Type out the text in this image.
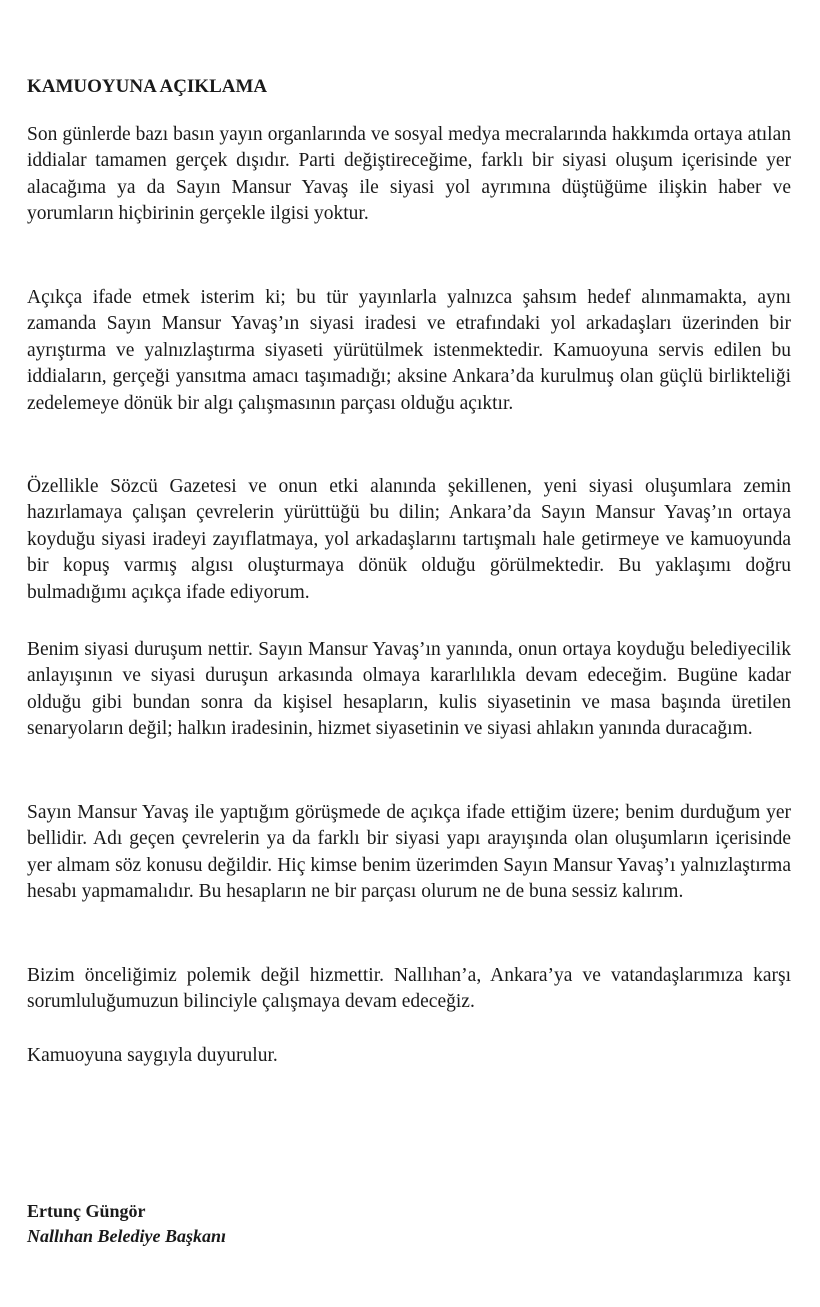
KAMUOYUNA AÇIKLAMA

Son günlerde bazı basın yayın organlarında ve sosyal medya mecralarında hakkımda ortaya atılan iddialar tamamen gerçek dışıdır. Parti değiştireceğime, farklı bir siyasi oluşum içerisinde yer alacağıma ya da Sayın Mansur Yavaş ile siyasi yol ayrımına düştüğüme ilişkin haber ve yorumların hiçbirinin gerçekle ilgisi yoktur.

Açıkça ifade etmek isterim ki; bu tür yayınlarla yalnızca şahsım hedef alınmamakta, aynı zamanda Sayın Mansur Yavaş’ın siyasi iradesi ve etrafındaki yol arkadaşları üzerinden bir ayrıştırma ve yalnızlaştırma siyaseti yürütülmek istenmektedir. Kamuoyuna servis edilen bu iddiaların, gerçeği yansıtma amacı taşımadığı; aksine Ankara’da kurulmuş olan güçlü birlikteliği zedelemeye dönük bir algı çalışmasının parçası olduğu açıktır.

Özellikle Sözcü Gazetesi ve onun etki alanında şekillenen, yeni siyasi oluşumlara zemin hazırlamaya çalışan çevrelerin yürüttüğü bu dilin; Ankara’da Sayın Mansur Yavaş’ın ortaya koyduğu siyasi iradeyi zayıflatmaya, yol arkadaşlarını tartışmalı hale getirmeye ve kamuoyunda bir kopuş varmış algısı oluşturmaya dönük olduğu görülmektedir. Bu yaklaşımı doğru bulmadığımı açıkça ifade ediyorum.

Benim siyasi duruşum nettir. Sayın Mansur Yavaş’ın yanında, onun ortaya koyduğu belediyecilik anlayışının ve siyasi duruşun arkasında olmaya kararlılıkla devam edeceğim. Bugüne kadar olduğu gibi bundan sonra da kişisel hesapların, kulis siyasetinin ve masa başında üretilen senaryoların değil; halkın iradesinin, hizmet siyasetinin ve siyasi ahlakın yanında duracağım.

Sayın Mansur Yavaş ile yaptığım görüşmede de açıkça ifade ettiğim üzere; benim durduğum yer bellidir. Adı geçen çevrelerin ya da farklı bir siyasi yapı arayışında olan oluşumların içerisinde yer almam söz konusu değildir. Hiç kimse benim üzerimden Sayın Mansur Yavaş’ı yalnızlaştırma hesabı yapmamalıdır. Bu hesapların ne bir parçası olurum ne de buna sessiz kalırım.

Bizim önceliğimiz polemik değil hizmettir. Nallıhan’a, Ankara’ya ve vatandaşlarımıza karşı sorumluluğumuzun bilinciyle çalışmaya devam edeceğiz.

Kamuoyuna saygıyla duyurulur.

Ertunç Güngör

Nallıhan Belediye Başkanı
